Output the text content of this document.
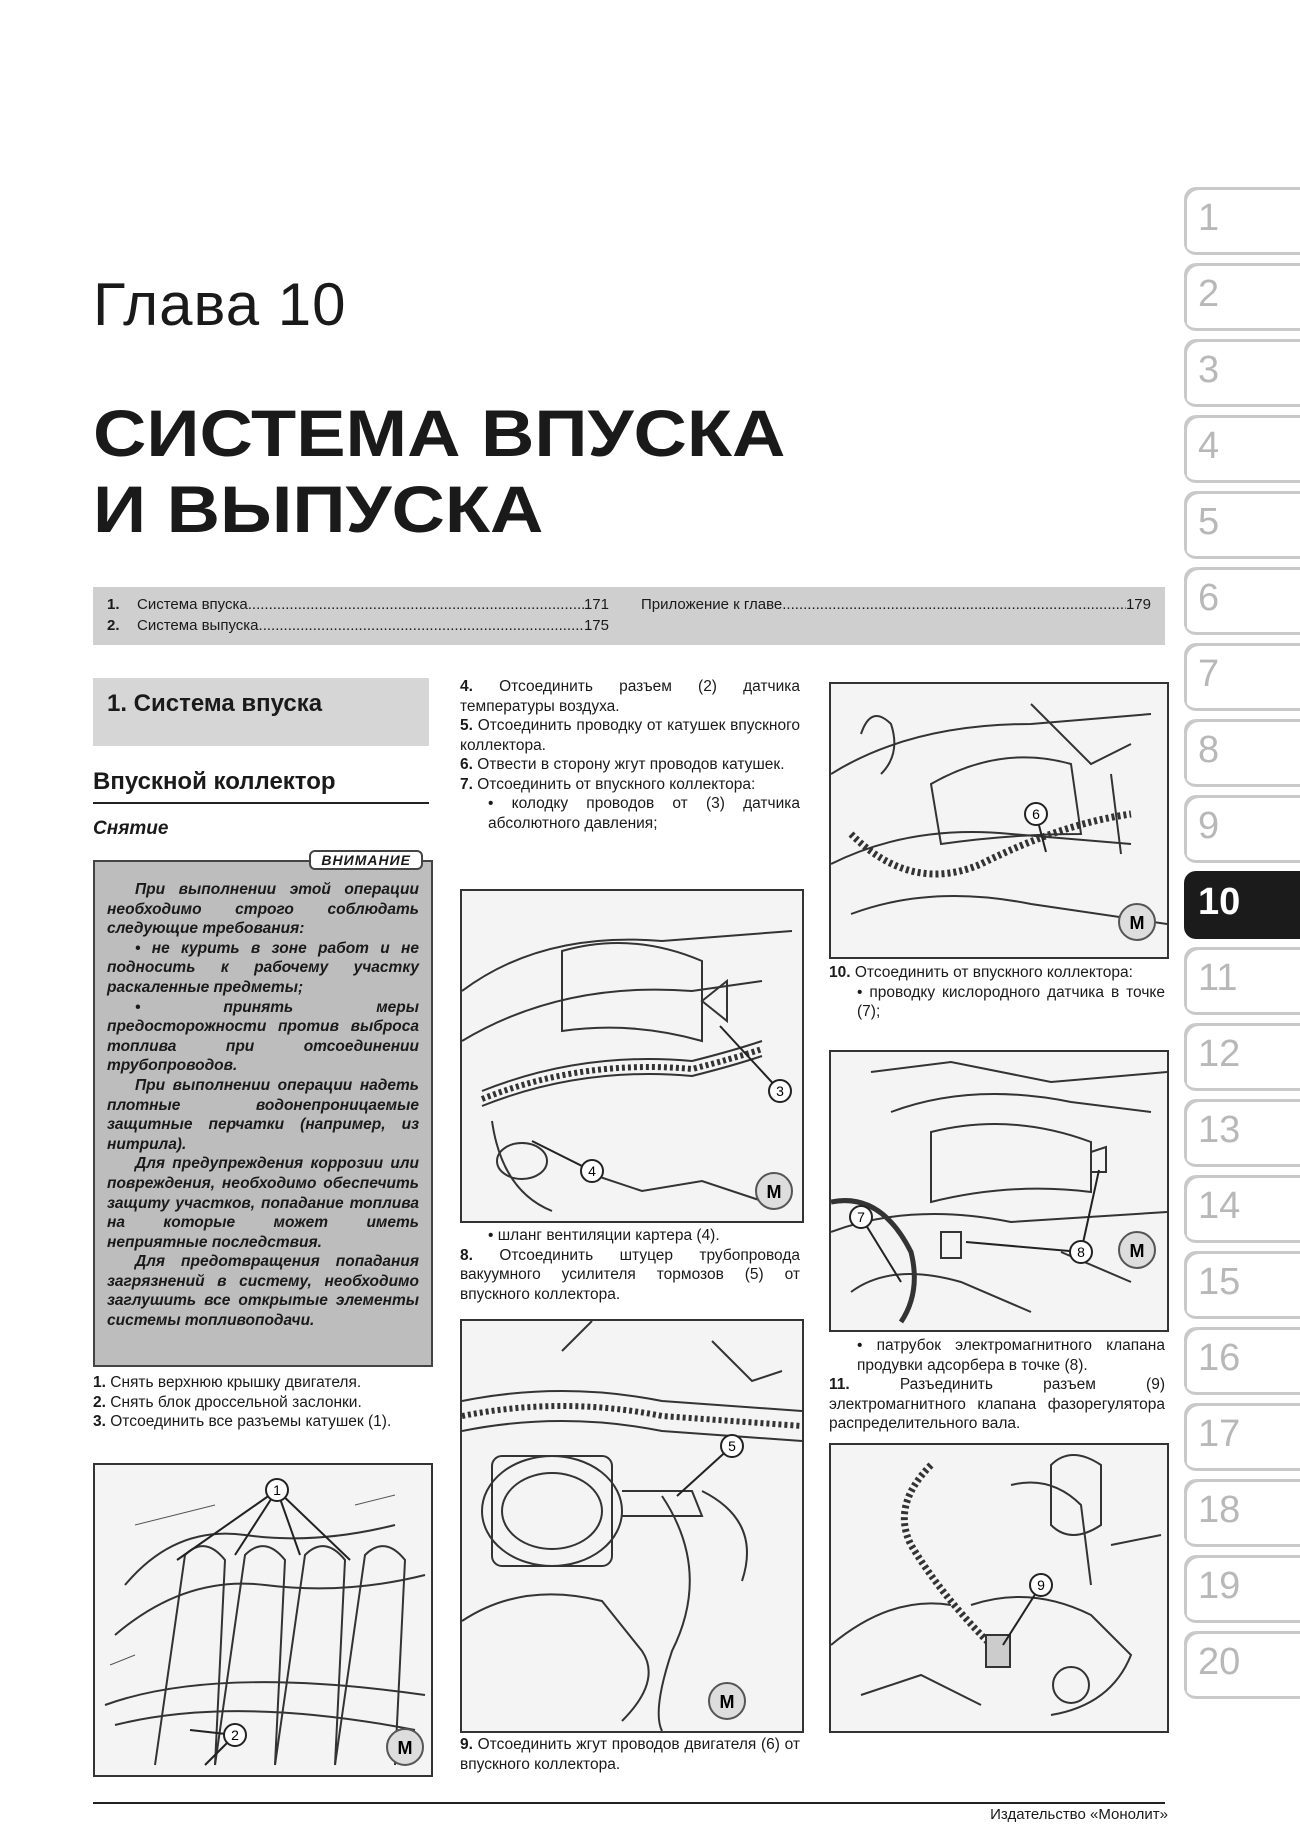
Глава 10
СИСТЕМА ВПУСКА
И ВЫПУСКА
1.	Система впуска .....	171
2.	Система выпуска .....	175
Приложение к главе .....	179
1
2
3
4
5
6
7
8
9
10
11
12
13
14
15
16
17
18
19
20
1. Система впуска
Впускной коллектор
Снятие
ВНИМАНИЕ

При выполнении этой операции необходимо строго соблюдать следующие требования:

• не курить в зоне работ и не подносить к рабочему участку раскаленные предметы;

• принять меры предосторожности против выброса топлива при отсоединении трубопроводов.

При выполнении операции надеть плотные водонепроницаемые защитные перчатки (например, из нитрила).

Для предупреждения коррозии или повреждения, необходимо обеспечить защиту участков, попадание топлива на которые может иметь неприятные последствия.

Для предотвращения попадания загрязнений в систему, необходимо заглушить все открытые элементы системы топливоподачи.

1. Снять верхнюю крышку двигателя.

2. Снять блок дроссельной заслонки.

3. Отсоединить все разъемы катушек (1).

1
2
M

4. Отсоединить разъем (2) датчика температуры воздуха.

5. Отсоединить проводку от катушек впускного коллектора.

6. Отвести в сторону жгут проводов катушек.

7. Отсоединить от впускного коллектора:

• колодку проводов от (3) датчика абсолютного давления;

3
4
M

• шланг вентиляции картера (4).

8. Отсоединить штуцер трубопровода вакуумного усилителя тормозов (5) от впускного коллектора.

5
M

9. Отсоединить жгут проводов двигателя (6) от впускного коллектора.

6
M

10. Отсоединить от впускного коллектора:

• проводку кислородного датчика в точке (7);

7
8 M

• патрубок электромагнитного клапана продувки адсорбера в точке (8).

11.	Разъединить разъем (9) электромагнитного клапана фазорегулятора распределительного вала.

9
Издательство «Монолит»
